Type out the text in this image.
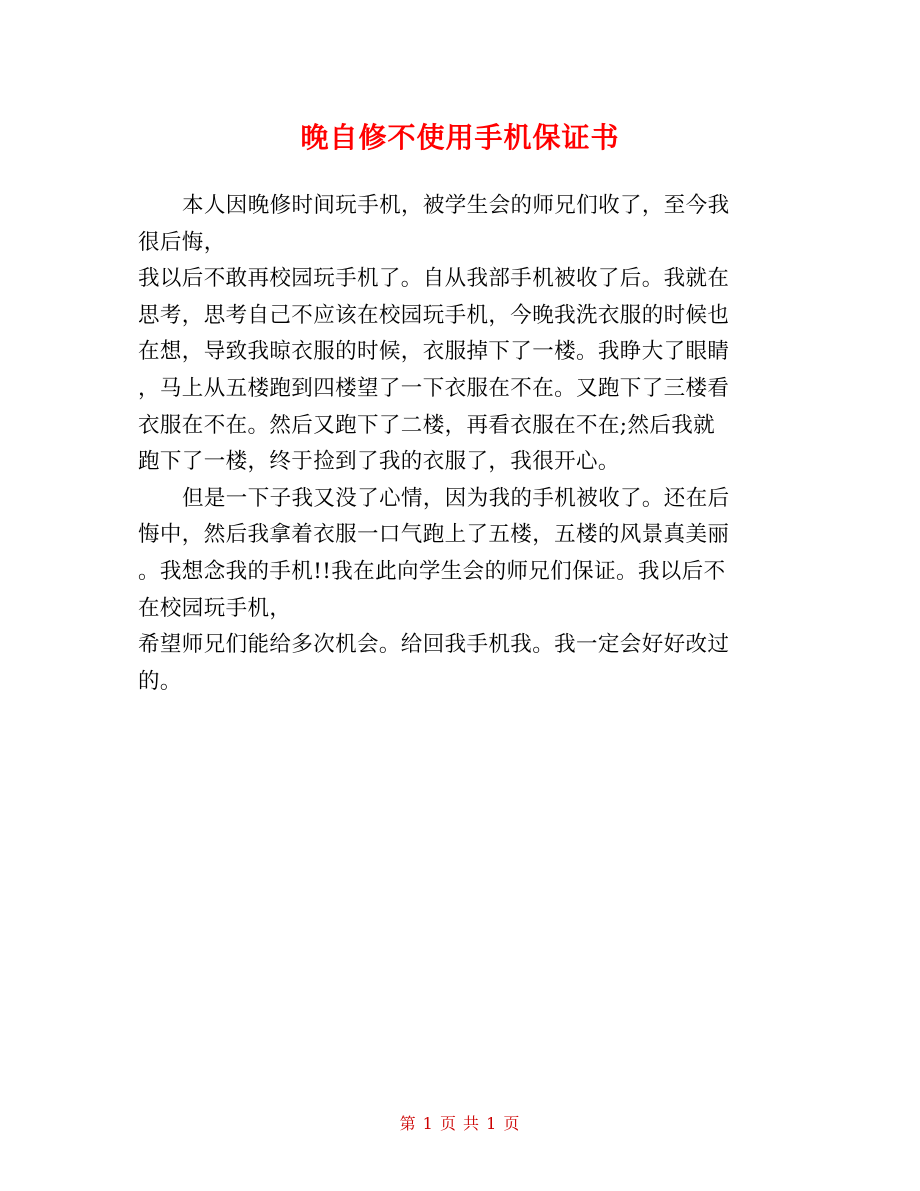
晚自修不使用手机保证书
本人因晚修时间玩手机，被学生会的师兄们收了，至今我
很后悔，
我以后不敢再校园玩手机了。自从我部手机被收了后。我就在
思考，思考自己不应该在校园玩手机，今晚我洗衣服的时候也
在想，导致我晾衣服的时候，衣服掉下了一楼。我睁大了眼睛
，马上从五楼跑到四楼望了一下衣服在不在。又跑下了三楼看
衣服在不在。然后又跑下了二楼，再看衣服在不在;然后我就
跑下了一楼，终于捡到了我的衣服了，我很开心。
但是一下子我又没了心情，因为我的手机被收了。还在后
悔中，然后我拿着衣服一口气跑上了五楼，五楼的风景真美丽
。我想念我的手机!!我在此向学生会的师兄们保证。我以后不
在校园玩手机，
希望师兄们能给多次机会。给回我手机我。我一定会好好改过
的。
第 1 页 共 1 页
